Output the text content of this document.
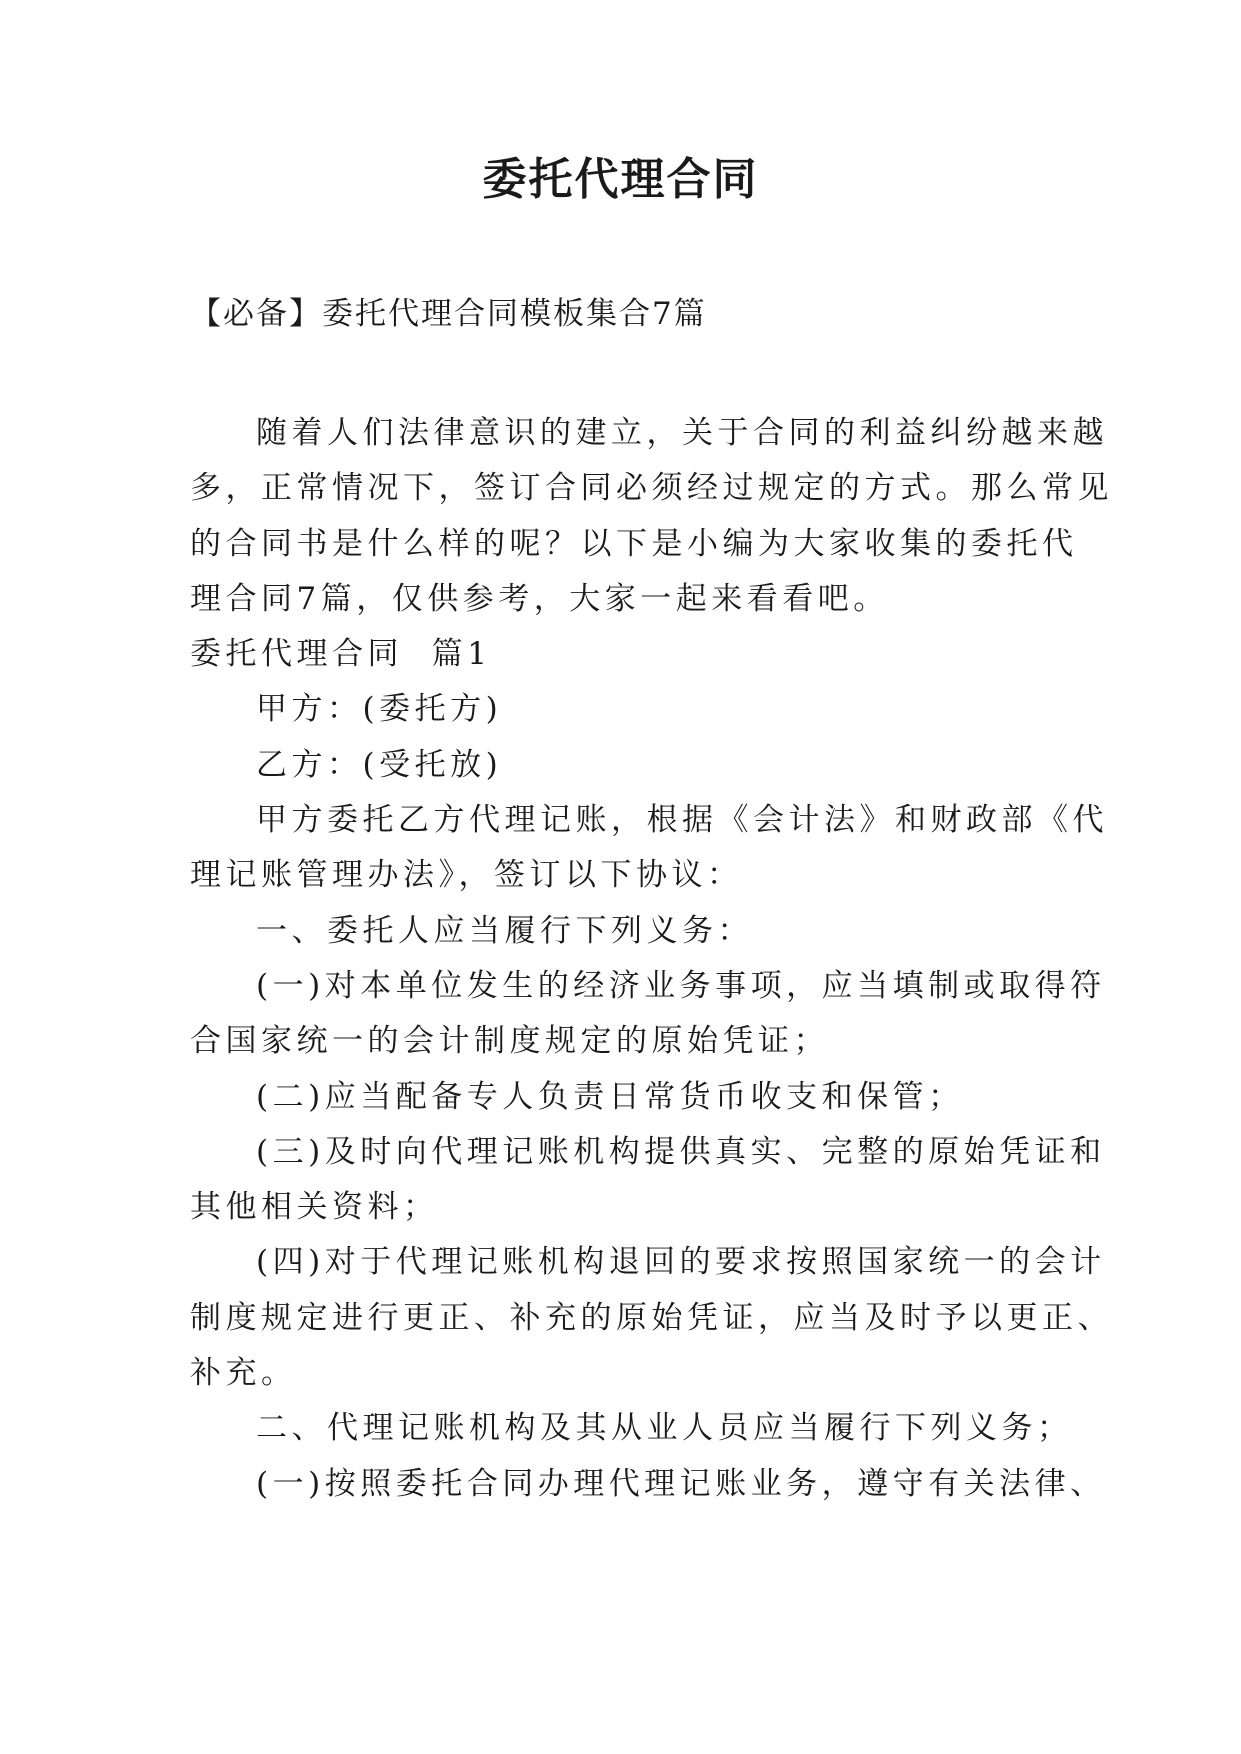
委托代理合同
【必备】委托代理合同模板集合7篇
随着人们法律意识的建立，关于合同的利益纠纷越来越
多，正常情况下，签订合同必须经过规定的方式。那么常见
的合同书是什么样的呢？以下是小编为大家收集的委托代
理合同7篇，仅供参考，大家一起来看看吧。
委托代理合同  篇1
甲方：(委托方)
乙方：(受托放)
甲方委托乙方代理记账，根据《会计法》和财政部《代
理记账管理办法》，签订以下协议：
一、委托人应当履行下列义务：
(一)对本单位发生的经济业务事项，应当填制或取得符
合国家统一的会计制度规定的原始凭证；
(二)应当配备专人负责日常货币收支和保管；
(三)及时向代理记账机构提供真实、完整的原始凭证和
其他相关资料；
(四)对于代理记账机构退回的要求按照国家统一的会计
制度规定进行更正、补充的原始凭证，应当及时予以更正、
补充。
二、代理记账机构及其从业人员应当履行下列义务；
(一)按照委托合同办理代理记账业务，遵守有关法律、
